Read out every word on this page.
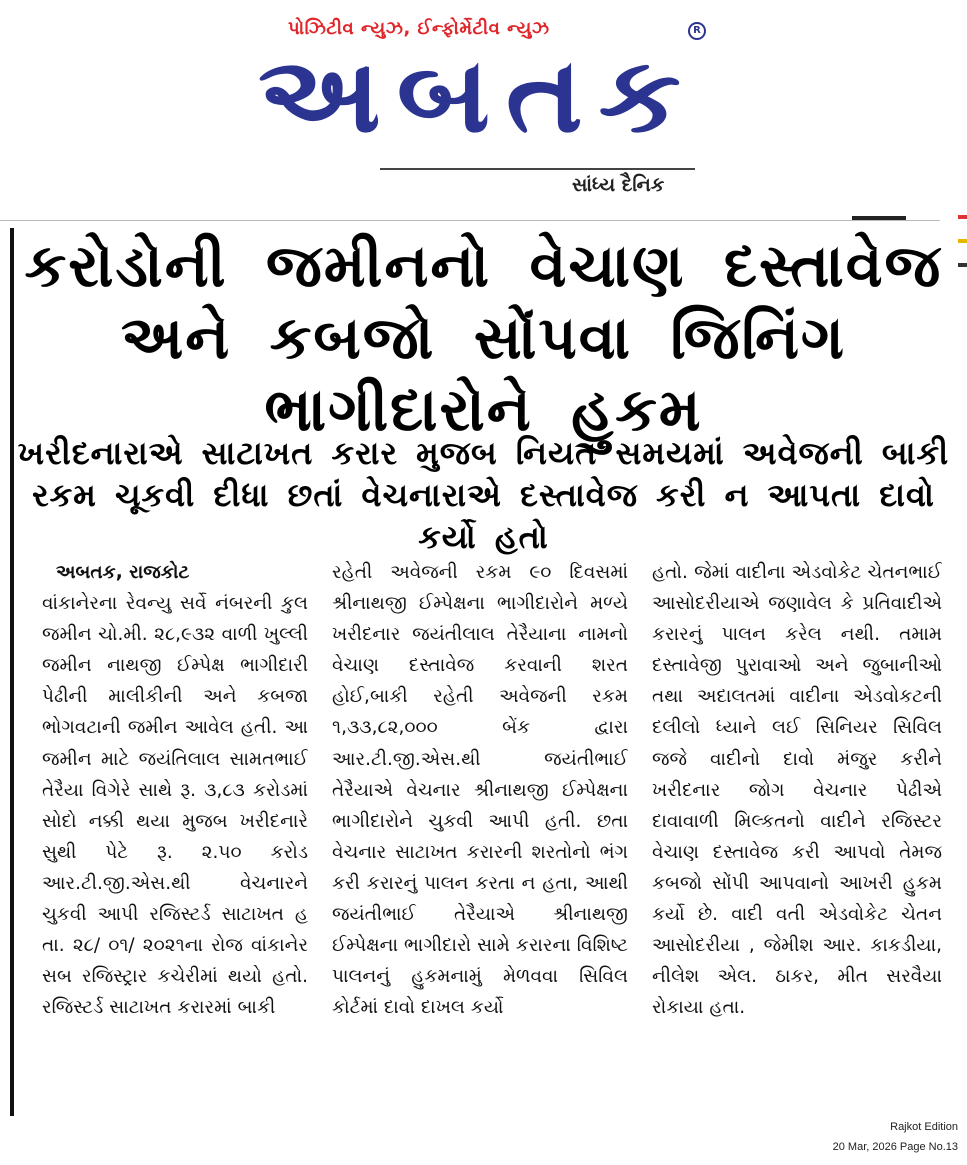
પોઝિટીવ ન્યુઝ, ઈન્ફોર્મેટીવ ન્યુઝ
અબતક
R
સાંધ્ય દૈનિક
કરોડોની જમીનનો વેચાણ દસ્તાવેજ અને કબજો સોંપવા જિનિંગ ભાગીદારોને હુકમ
ખરીદનારાએ સાટાખત કરાર મુજબ નિયત સમયમાં અવેજની બાકી રકમ ચૂકવી દીધા છતાં વેચનારાએ દસ્તાવેજ કરી ન આપતા દાવો કર્યો હતો
અબતક, રાજકોટ

વાંકાનેરના રેવન્યુ સર્વે નંબરની કુલ જમીન ચો.મી. ૨૮,૯૩૨ વાળી ખુલ્લી જમીન નાથજી ઈમ્પેક્ષ ભાગીદારી પેઢીની માલીકીની અને કબજા ભોગવટાની જમીન આવેલ હતી. આ જમીન માટે જયંતિલાલ સામતભાઈ તેરૈયા વિગેરે સાથે રૂ. ૩,૮૩ કરોડમાં સોદો નક્કી થયા મુજબ ખરીદનારે સુથી પેટે રૂ. ૨.૫૦ કરોડ આર.ટી.જી.એસ.થી વેચનારને ચુકવી આપી રજિસ્ટર્ડ સાટાખત હ તા. ૨૮/ ૦૧/ ૨૦૨૧ના રોજ વાંકાનેર સબ રજિસ્ટ્રાર કચેરીમાં થયો હતો. રજિસ્ટર્ડ સાટાખત કરારમાં બાકી

રહેતી અવેજની રકમ ૯૦ દિવસમાં શ્રીનાથજી ઈમ્પેક્ષના ભાગીદારોને મળ્યે ખરીદનાર જયંતીલાલ તેરૈયાના નામનો વેચાણ દસ્તાવેજ કરવાની શરત હોઈ,બાકી રહેતી અવેજની રકમ ૧,૩૩,૮૨,૦૦૦ બેંક દ્વારા આર.ટી.જી.એસ.થી જયંતીભાઈ તેરૈયાએ વેચનાર શ્રીનાથજી ઈમ્પેક્ષના ભાગીદારોને ચુકવી આપી હતી. છતા વેચનાર સાટાખત કરારની શરતોનો ભંગ કરી કરારનું પાલન કરતા ન હતા, આથી જયંતીભાઈ તેરૈયાએ શ્રીનાથજી ઈમ્પેક્ષના ભાગીદારો સામે કરારના વિશિષ્ટ પાલનનું હુકમનામું મેળવવા સિવિલ કોર્ટમાં દાવો દાખલ કર્યો

હતો. જેમાં વાદીના એડવોકેટ ચેતનભાઈ આસોદરીયાએ જણાવેલ કે પ્રતિવાદીએ કરારનું પાલન કરેલ નથી. તમામ દસ્તાવેજી પુરાવાઓ અને જુબાનીઓ તથા અદાલતમાં વાદીના એડવોકટની દલીલો ધ્યાને લઈ સિનિયર સિવિલ જજે વાદીનો દાવો મંજુર કરીને ખરીદનાર જોગ વેચનાર પેઢીએ દાવાવાળી મિલ્કતનો વાદીને રજિસ્ટર વેચાણ દસ્તાવેજ કરી આપવો તેમજ કબજો સોંપી આપવાનો આખરી હુકમ કર્યો છે. વાદી વતી એડવોકેટ ચેતન આસોદરીયા , જેમીશ આર. કાકડીયા, નીલેશ એલ. ઠાકર, મીત સરવૈયા રોકાયા હતા.

Rajkot Edition
20 Mar, 2026 Page No.13
